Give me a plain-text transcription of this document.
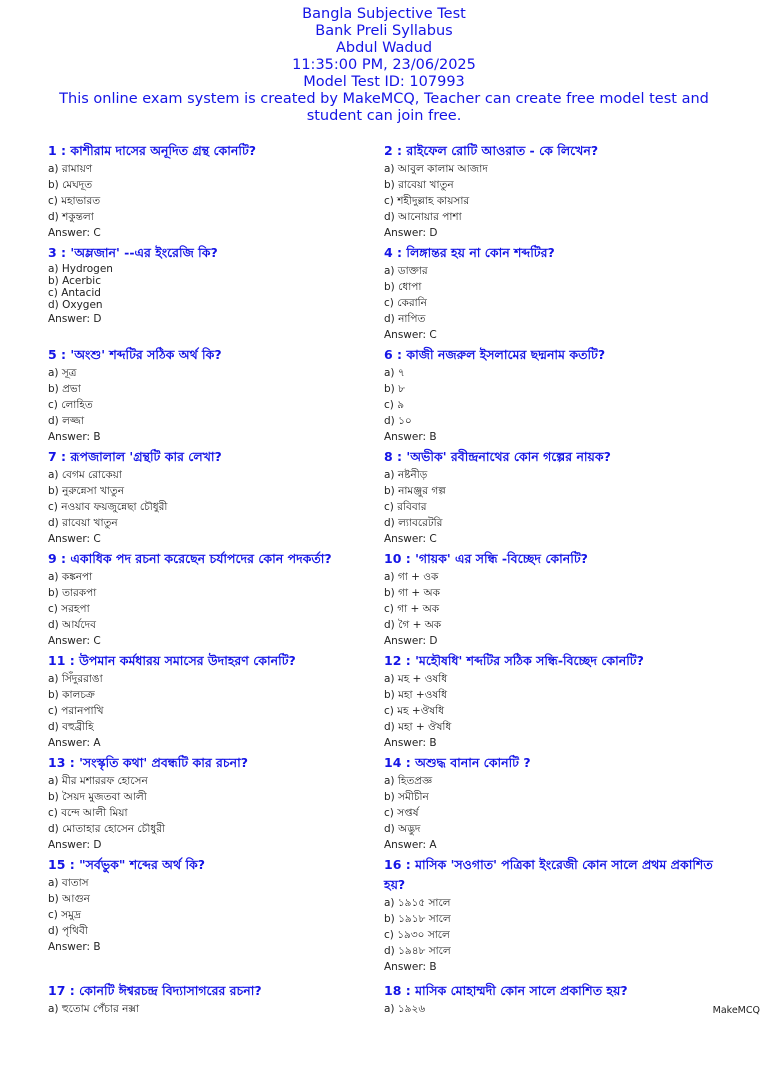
Bangla Subjective Test
Bank Preli Syllabus
Abdul Wadud
11:35:00 PM, 23/06/2025
Model Test ID: 107993
This online exam system is created by MakeMCQ, Teacher can create free model test and student can join free.
1 : কাশীরাম দাসের অনূদিত গ্রন্থ কোনটি?
a) রামায়ণ
b) মেঘদূত
c) মহাভারত
d) শকুন্তলা
Answer: C
3 : 'অম্লজান' --এর ইংরেজি কি?
a) Hydrogen
b) Acerbic
c) Antacid
d) Oxygen
Answer: D
5 : 'অংশু' শব্দটির সঠিক অর্থ কি?
a) সূত্র
b) প্রভা
c) লোহিত
d) লজ্জা
Answer: B
7 : রূপজালাল 'গ্রন্থটি কার লেখা?
a) বেগম রোকেয়া
b) নুরুন্নেসা খাতুন
c) নওয়াব ফয়জুন্নেছা চৌধুরী
d) রাবেয়া খাতুন
Answer: C
9 : একাধিক পদ রচনা করেছেন চর্যাপদের কোন পদকর্তা?
a) কঙ্কনপা
b) তারকপা
c) সরহপা
d) আর্যদেব
Answer: C
11 : উপমান কর্মধারয় সমাসের উদাহরণ কোনটি?
a) সিঁদুররাঙা
b) কালচক্র
c) পরানপাখি
d) বহুব্রীহি
Answer: A
13 : 'সংস্কৃতি কথা' প্রবন্ধটি কার রচনা?
a) মীর মশাররফ হোসেন
b) সৈয়দ মুজতবা আলী
c) বন্দে আলী মিয়া
d) মোতাহার হোসেন চৌধুরী
Answer: D
15 : "সর্বভুক" শব্দের অর্থ কি?
a) বাতাস
b) আগুন
c) সমুদ্র
d) পৃথিবী
Answer: B
17 : কোনটি ঈশ্বরচন্দ্র বিদ্যাসাগরের রচনা?
a) হুতোম পেঁচার নক্সা
2 : রাইফেল রোটি আওরাত - কে লিখেন?
a) আবুল কালাম আজাদ
b) রাবেয়া খাতুন
c) শহীদুল্লাহ কায়সার
d) আনোয়ার পাশা
Answer: D
4 : লিঙ্গান্তর হয় না কোন শব্দটির?
a) ডাক্তার
b) ধোপা
c) কেরানি
d) নাপিত
Answer: C
6 : কাজী নজরুল ইসলামের ছদ্মনাম কতটি?
a) ৭
b) ৮
c) ৯
d) ১০
Answer: B
8 : 'অভীক' রবীন্দ্রনাথের কোন গল্পের নায়ক?
a) নষ্টনীড়
b) নামঞ্জুর গল্প
c) রবিবার
d) ল্যাবরেটরি
Answer: C
10 : 'গায়ক' এর সন্ধি -বিচ্ছেদ কোনটি?
a) গা + ওক
b) গা + অক
c) গা + অক
d) গৈ + অক
Answer: D
12 : 'মহৌষধি' শব্দটির সঠিক সন্ধি-বিচ্ছেদ কোনটি?
a) মহ + ওষধি
b) মহা +ওষধি
c) মহ +ঔষধি
d) মহা + ঔষধি
Answer: B
14 : অশুদ্ধ বানান কোনটি ?
a) হিতপ্রজ্ঞ
b) সমীচীন
c) সপ্তর্ষ
d) অদ্ভুদ
Answer: A
16 : মাসিক 'সওগাত' পত্রিকা ইংরেজী কোন সালে প্রথম প্রকাশিত হয়?
a) ১৯১৫ সালে
b) ১৯১৮ সালে
c) ১৯৩০ সালে
d) ১৯৪৮ সালে
Answer: B
18 : মাসিক মোহাম্মদী কোন সালে প্রকাশিত হয়?
a) ১৯২৬	MakeMCQ
